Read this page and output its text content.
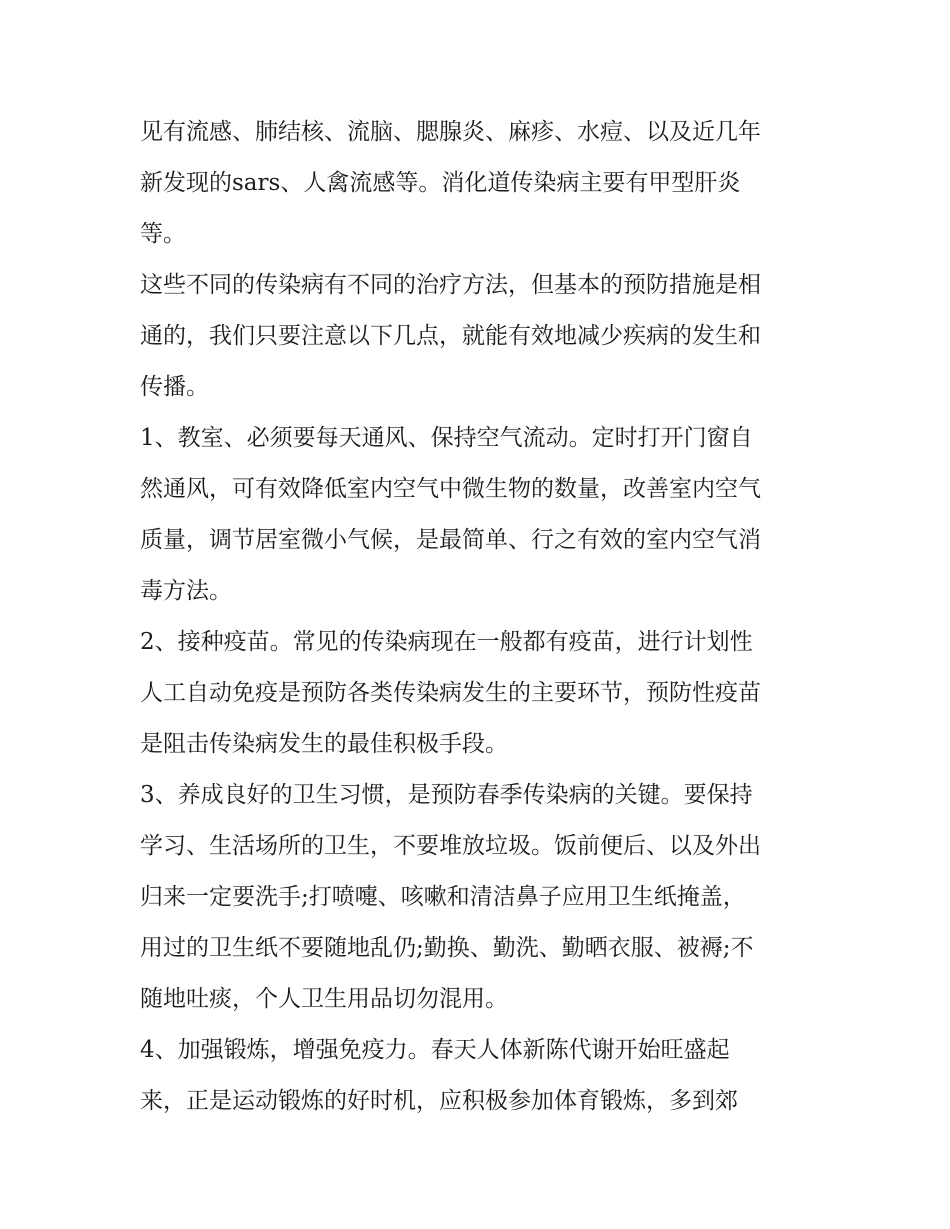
见有流感、肺结核、流脑、腮腺炎、麻疹、水痘、以及近几年
新发现的sars、人禽流感等。消化道传染病主要有甲型肝炎
等。
这些不同的传染病有不同的治疗方法，但基本的预防措施是相
通的，我们只要注意以下几点，就能有效地减少疾病的发生和
传播。
1、教室、必须要每天通风、保持空气流动。定时打开门窗自
然通风，可有效降低室内空气中微生物的数量，改善室内空气
质量，调节居室微小气候，是最简单、行之有效的室内空气消
毒方法。
2、接种疫苗。常见的传染病现在一般都有疫苗，进行计划性
人工自动免疫是预防各类传染病发生的主要环节，预防性疫苗
是阻击传染病发生的最佳积极手段。
3、养成良好的卫生习惯，是预防春季传染病的关键。要保持
学习、生活场所的卫生，不要堆放垃圾。饭前便后、以及外出
归来一定要洗手;打喷嚏、咳嗽和清洁鼻子应用卫生纸掩盖，
用过的卫生纸不要随地乱仍;勤换、勤洗、勤晒衣服、被褥;不
随地吐痰，个人卫生用品切勿混用。
4、加强锻炼，增强免疫力。春天人体新陈代谢开始旺盛起
来，正是运动锻炼的好时机，应积极参加体育锻炼，多到郊
